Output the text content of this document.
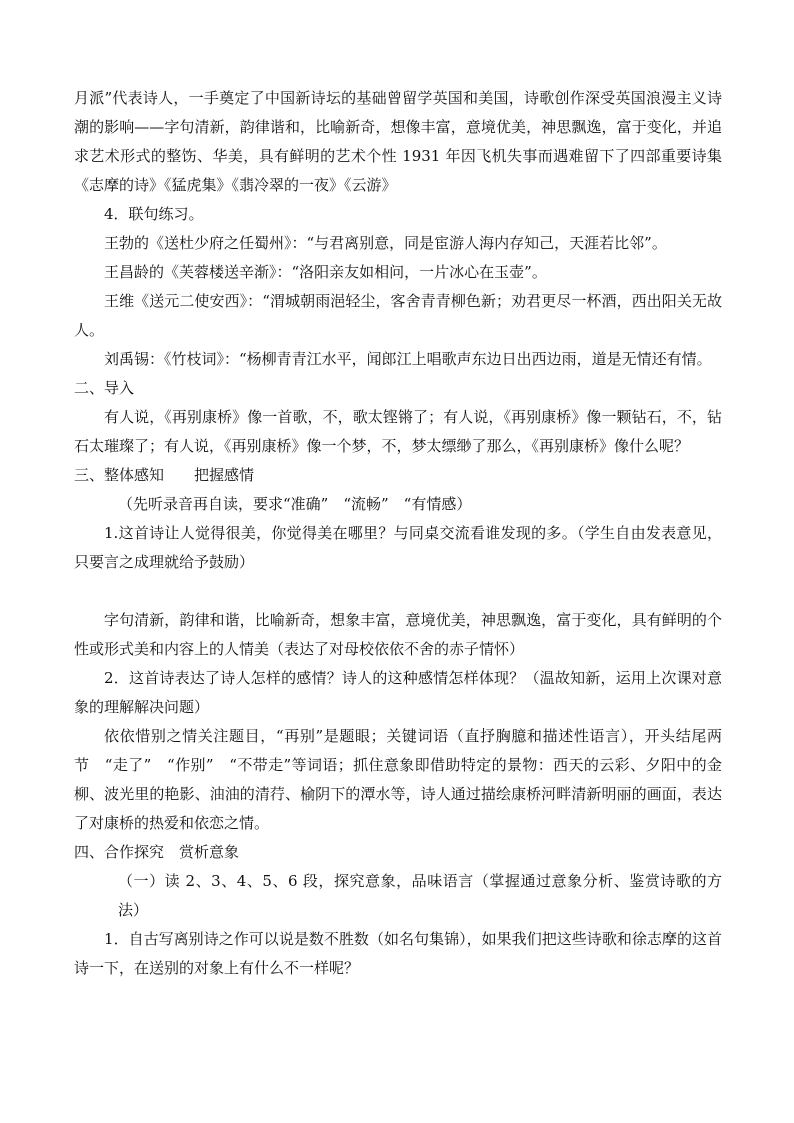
月派”代表诗人，一手奠定了中国新诗坛的基础曾留学英国和美国，诗歌创作深受英国浪漫主义诗潮的影响——字句清新，韵律谐和，比喻新奇，想像丰富，意境优美，神思飘逸，富于变化，并追求艺术形式的整饬、华美，具有鲜明的艺术个性 1931 年因飞机失事而遇难留下了四部重要诗集《志摩的诗》《猛虎集》《翡冷翠的一夜》《云游》

4．联句练习。

王勃的《送杜少府之任蜀州》：“与君离别意，同是宦游人海内存知己，天涯若比邻”。

王昌龄的《芙蓉楼送辛渐》：“洛阳亲友如相问，一片冰心在玉壶”。

王维《送元二使安西》：“渭城朝雨浥轻尘，客舍青青柳色新；劝君更尽一杯酒，西出阳关无故人。

刘禹锡：《竹枝词》：“杨柳青青江水平，闻郎江上唱歌声东边日出西边雨，道是无情还有情。

二、导入

有人说，《再别康桥》像一首歌，不，歌太铿锵了；有人说，《再别康桥》像一颗钻石，不，钻石太璀璨了；有人说，《再别康桥》像一个梦，不，梦太缥缈了那么，《再别康桥》像什么呢？

三、整体感知　　把握感情

（先听录音再自读，要求“准确”　“流畅”　“有情感）

1.这首诗让人觉得很美，你觉得美在哪里？与同桌交流看谁发现的多。（学生自由发表意见，只要言之成理就给予鼓励）

字句清新，韵律和谐，比喻新奇，想象丰富，意境优美，神思飘逸，富于变化，具有鲜明的个性或形式美和内容上的人情美（表达了对母校依依不舍的赤子情怀）

2．这首诗表达了诗人怎样的感情？诗人的这种感情怎样体现？（温故知新，运用上次课对意象的理解解决问题）

依依惜别之情关注题目，“再别”是题眼；关键词语（直抒胸臆和描述性语言），开头结尾两节　“走了”　“作别”　“不带走”等词语；抓住意象即借助特定的景物：西天的云彩、夕阳中的金柳、波光里的艳影、油油的清荇、榆阴下的潭水等，诗人通过描绘康桥河畔清新明丽的画面，表达了对康桥的热爱和依恋之情。

四、合作探究　赏析意象

（一）读 2、3、4、5、6 段，探究意象，品味语言（掌握通过意象分析、鉴赏诗歌的方法）

1．自古写离别诗之作可以说是数不胜数（如名句集锦），如果我们把这些诗歌和徐志摩的这首诗一下，在送别的对象上有什么不一样呢？
